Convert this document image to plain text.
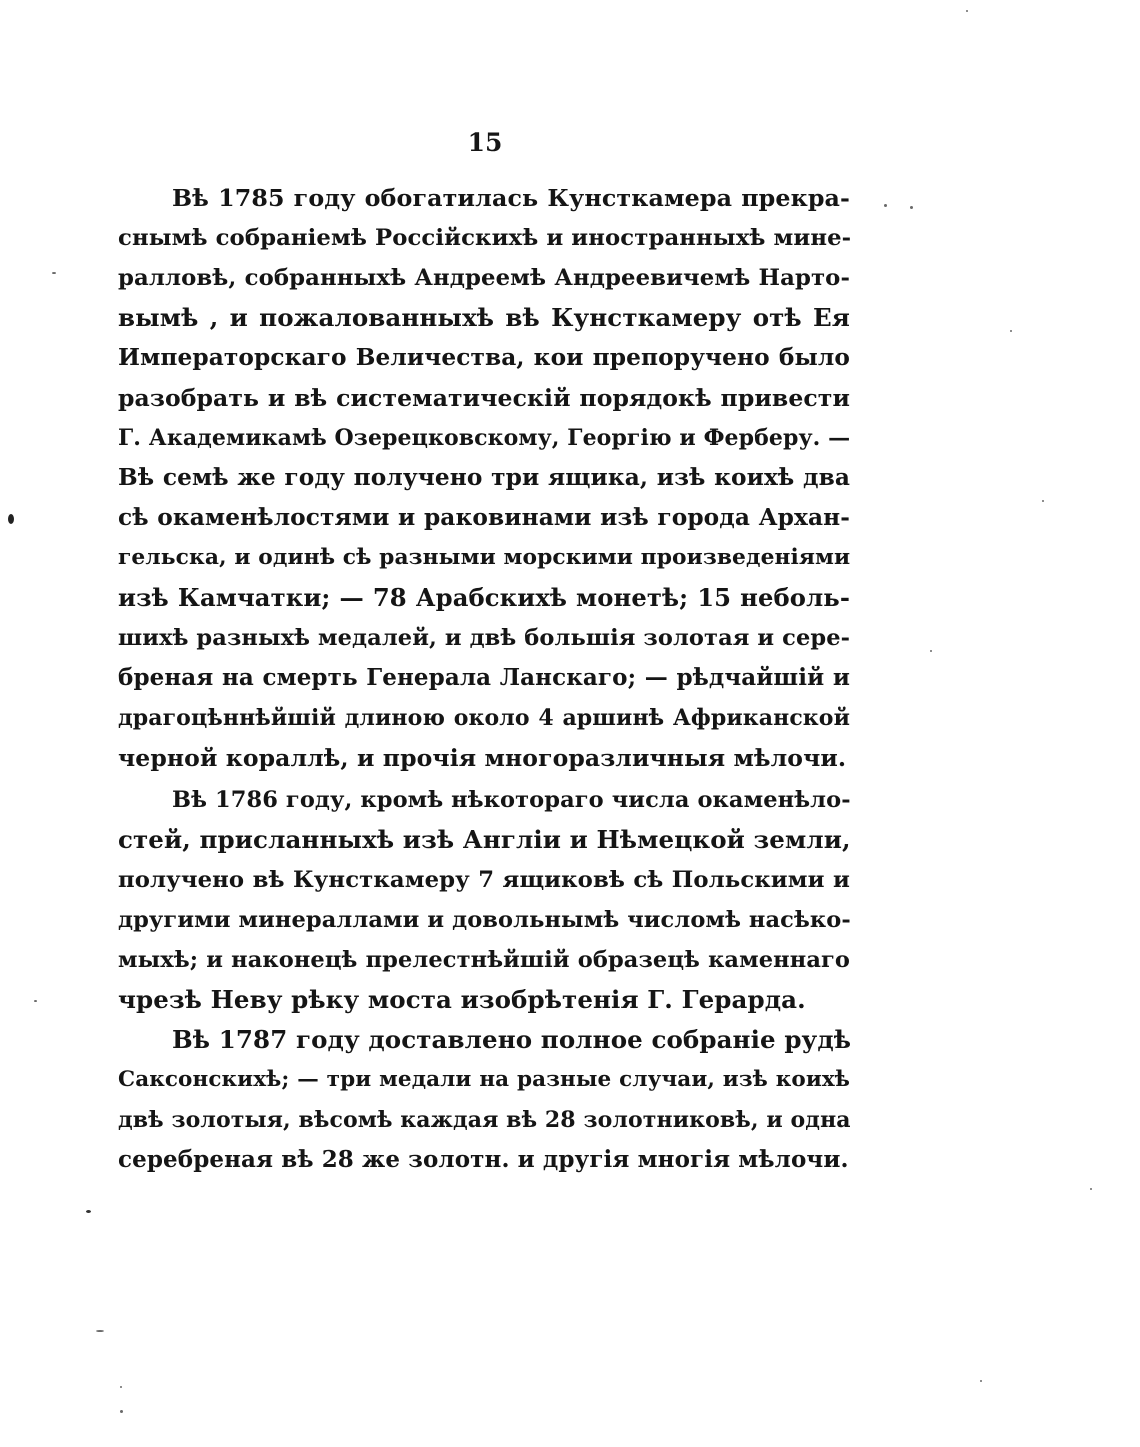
15
Вѣ 1785 году обогатилась Кунсткамера прекра-
снымѣ собраніемѣ Россійскихѣ и иностранныхѣ мине-
ралловѣ, собранныхѣ Андреемѣ Андреевичемѣ Нарто-
вымѣ , и пожалованныхѣ вѣ Кунсткамеру отѣ Ея
Императорскаго Величества, кои препоручено было
разобрать и вѣ систематическій порядокѣ привести
Г. Академикамѣ Озерецковскому, Георгію и Ферберу. —
Вѣ семѣ же году получено три ящика, изѣ коихѣ два
сѣ окаменѣлостями и раковинами изѣ города Архан-
гельска, и одинѣ сѣ разными морскими произведеніями
изѣ Камчатки; — 78 Арабскихѣ монетѣ; 15 неболь-
шихѣ разныхѣ медалей, и двѣ большія золотая и сере-
бреная на смерть Генерала Ланскаго; — рѣдчайшій и
драгоцѣннѣйшій длиною около 4 аршинѣ Африканской
черной кораллѣ, и прочія многоразличныя мѣлочи.
Вѣ 1786 году, кромѣ нѣкотораго числа окаменѣло-
стей, присланныхѣ изѣ Англіи и Нѣмецкой земли,
получено вѣ Кунсткамеру 7 ящиковѣ сѣ Польскими и
другими минераллами и довольнымѣ числомѣ насѣко-
мыхѣ; и наконецѣ прелестнѣйшій образецѣ каменнаго
чрезѣ Неву рѣку моста изобрѣтенія Г. Герарда.
Вѣ 1787 году доставлено полное собраніе рудѣ
Саксонскихѣ; — три медали на разные случаи, изѣ коихѣ
двѣ золотыя, вѣсомѣ каждая вѣ 28 золотниковѣ, и одна
серебреная вѣ 28 же золотн. и другія многія мѣлочи.
